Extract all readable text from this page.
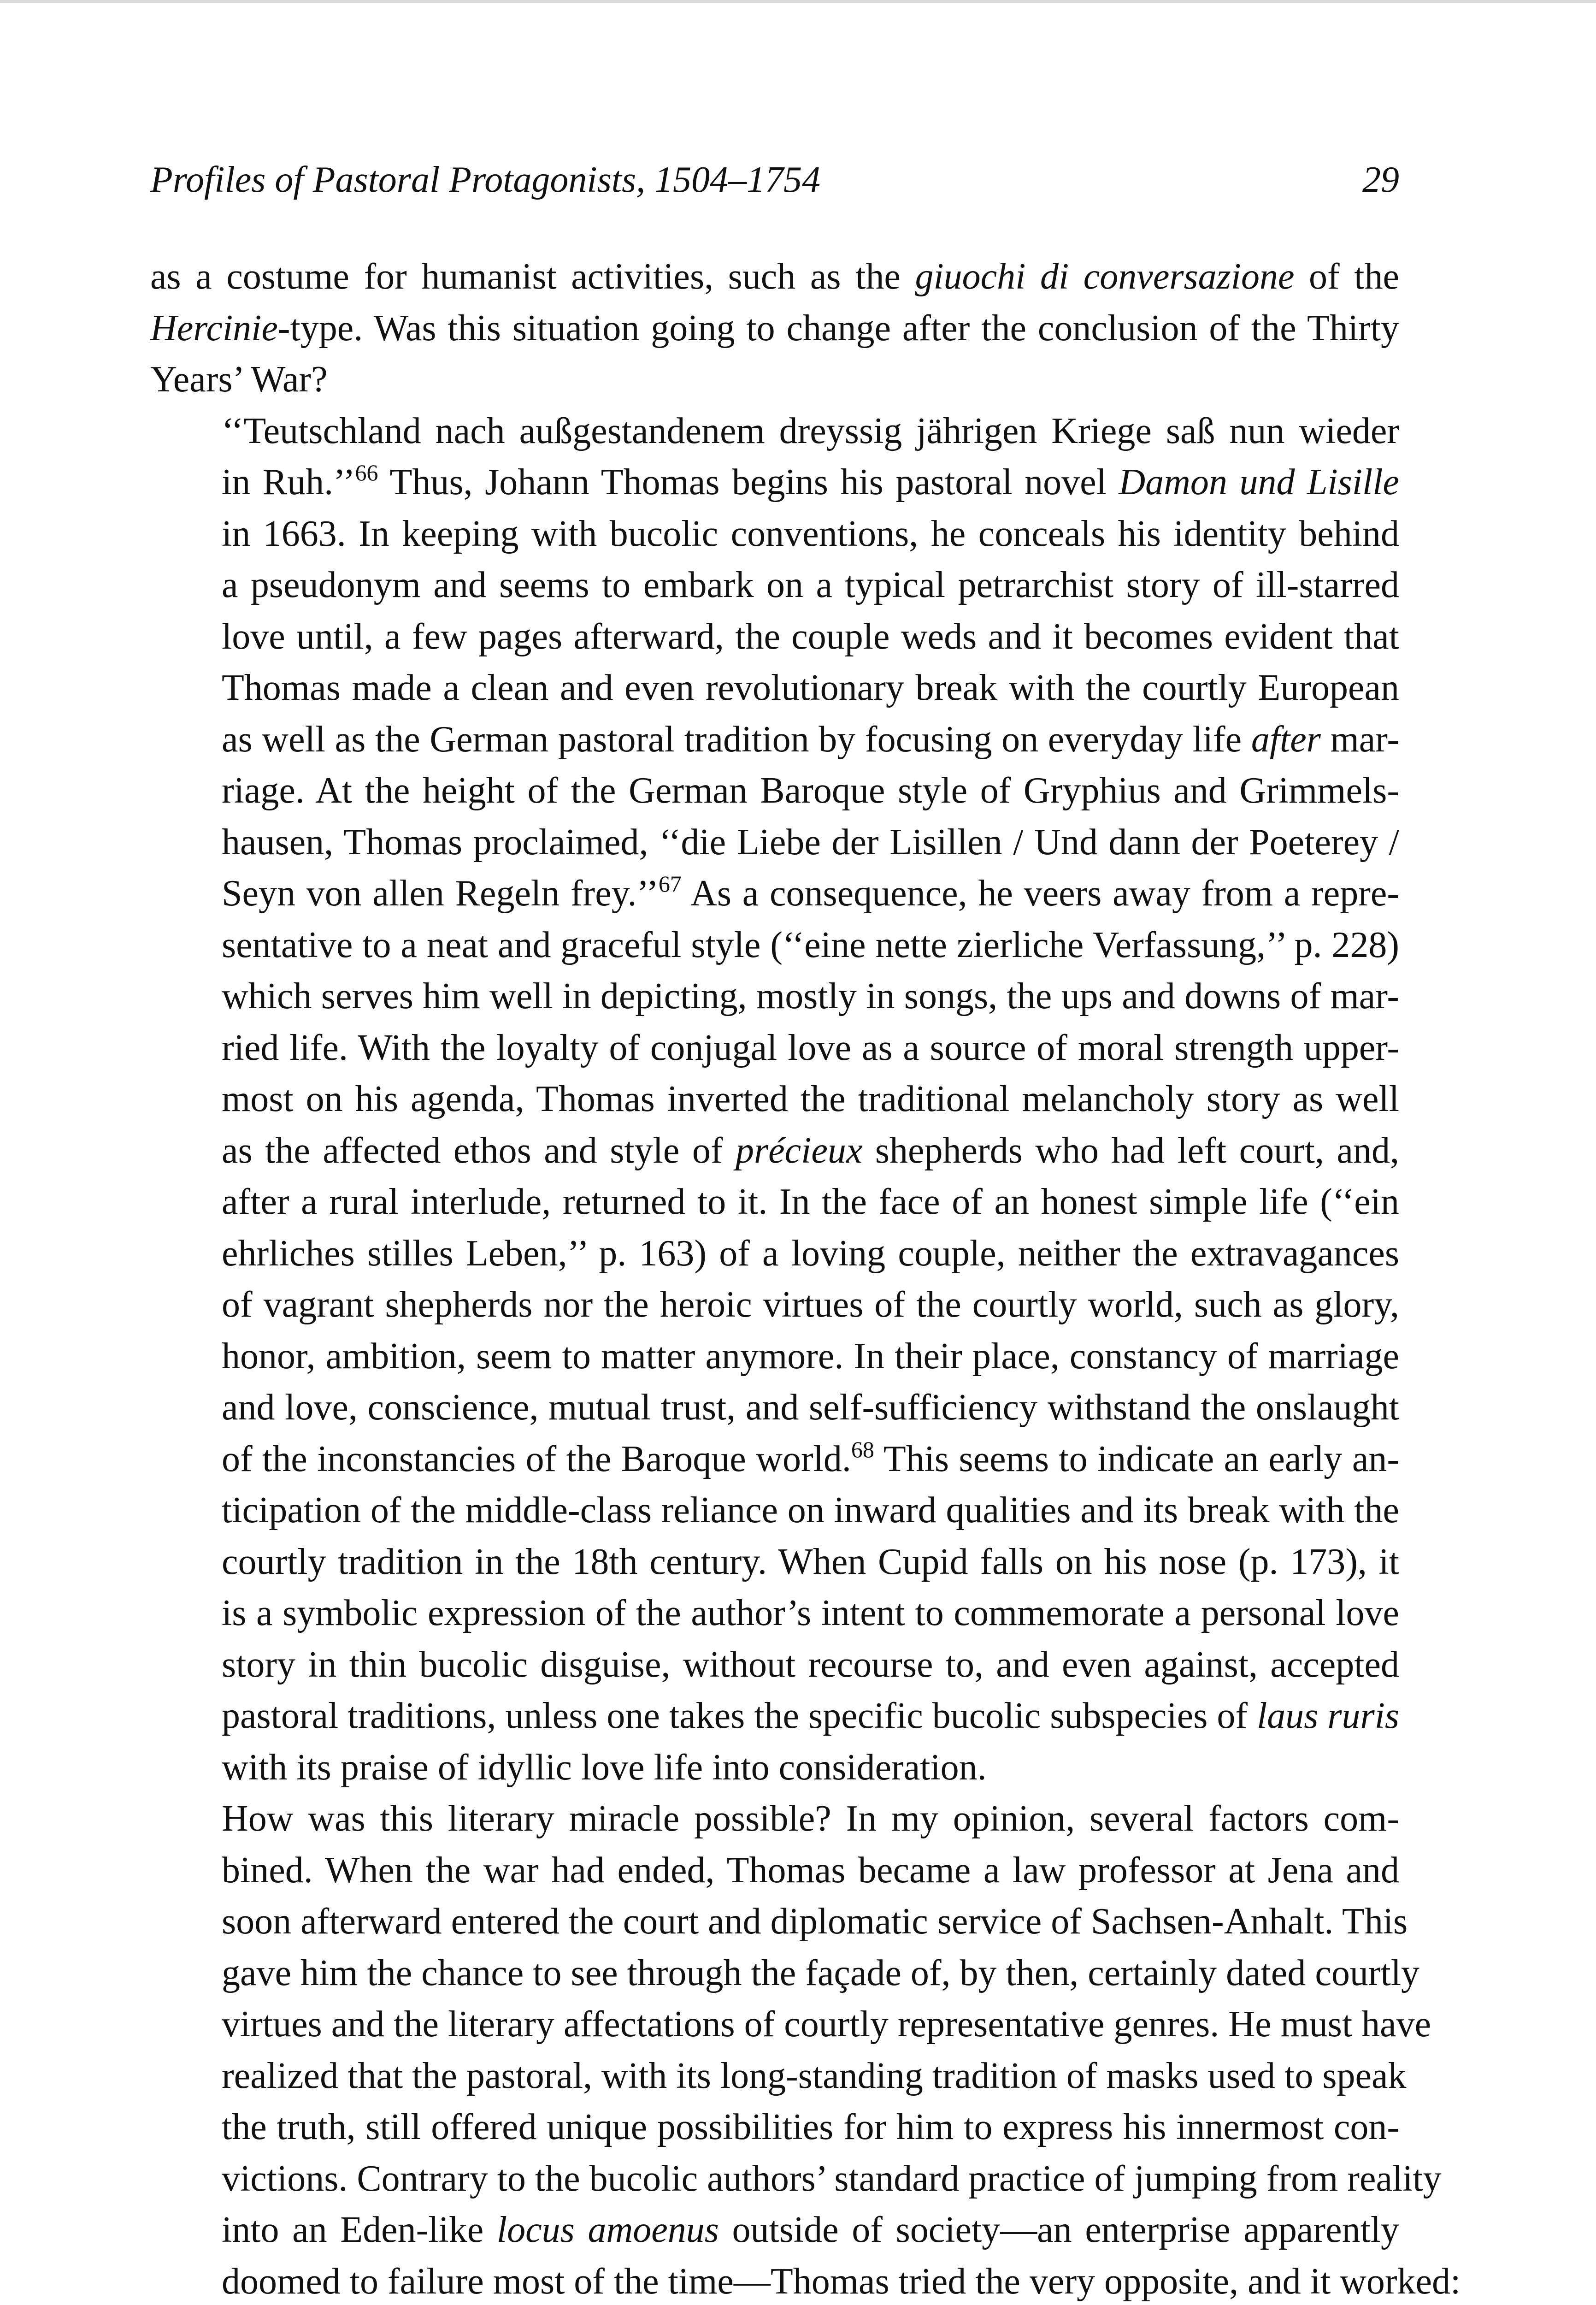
Profiles of Pastoral Protagonists, 1504–1754	29

as a costume for humanist activities, such as the giuochi di conversazione of the
Hercinie-type. Was this situation going to change after the conclusion of the Thirty
Years’ War?

‘‘Teutschland nach außgestandenem dreyssig jährigen Kriege saß nun wieder
in Ruh.’’$^{66}$ Thus, Johann Thomas begins his pastoral novel Damon und Lisille
in 1663. In keeping with bucolic conventions, he conceals his identity behind
a pseudonym and seems to embark on a typical petrarchist story of ill-starred
love until, a few pages afterward, the couple weds and it becomes evident that
Thomas made a clean and even revolutionary break with the courtly European
as well as the German pastoral tradition by focusing on everyday life after mar-
riage. At the height of the German Baroque style of Gryphius and Grimmels-
hausen, Thomas proclaimed, ‘‘die Liebe der Lisillen / Und dann der Poeterey /
Seyn von allen Regeln frey.’’$^{67}$ As a consequence, he veers away from a repre-
sentative to a neat and graceful style (‘‘eine nette zierliche Verfassung,’’ p. 228)
which serves him well in depicting, mostly in songs, the ups and downs of mar-
ried life. With the loyalty of conjugal love as a source of moral strength upper-
most on his agenda, Thomas inverted the traditional melancholy story as well
as the affected ethos and style of précieux shepherds who had left court, and,
after a rural interlude, returned to it. In the face of an honest simple life (‘‘ein
ehrliches stilles Leben,’’ p. 163) of a loving couple, neither the extravagances
of vagrant shepherds nor the heroic virtues of the courtly world, such as glory,
honor, ambition, seem to matter anymore. In their place, constancy of marriage
and love, conscience, mutual trust, and self-sufficiency withstand the onslaught
of the inconstancies of the Baroque world.$^{68}$ This seems to indicate an early an-
ticipation of the middle-class reliance on inward qualities and its break with the
courtly tradition in the 18th century. When Cupid falls on his nose (p. 173), it
is a symbolic expression of the author’s intent to commemorate a personal love
story in thin bucolic disguise, without recourse to, and even against, accepted
pastoral traditions, unless one takes the specific bucolic subspecies of laus ruris
with its praise of idyllic love life into consideration.

How was this literary miracle possible? In my opinion, several factors com-
bined. When the war had ended, Thomas became a law professor at Jena and
soon afterward entered the court and diplomatic service of Sachsen-Anhalt. This
gave him the chance to see through the façade of, by then, certainly dated courtly
virtues and the literary affectations of courtly representative genres. He must have
realized that the pastoral, with its long-standing tradition of masks used to speak
the truth, still offered unique possibilities for him to express his innermost con-
victions. Contrary to the bucolic authors’ standard practice of jumping from reality
into an Eden-like locus amoenus outside of society—an enterprise apparently
doomed to failure most of the time—Thomas tried the very opposite, and it worked:
